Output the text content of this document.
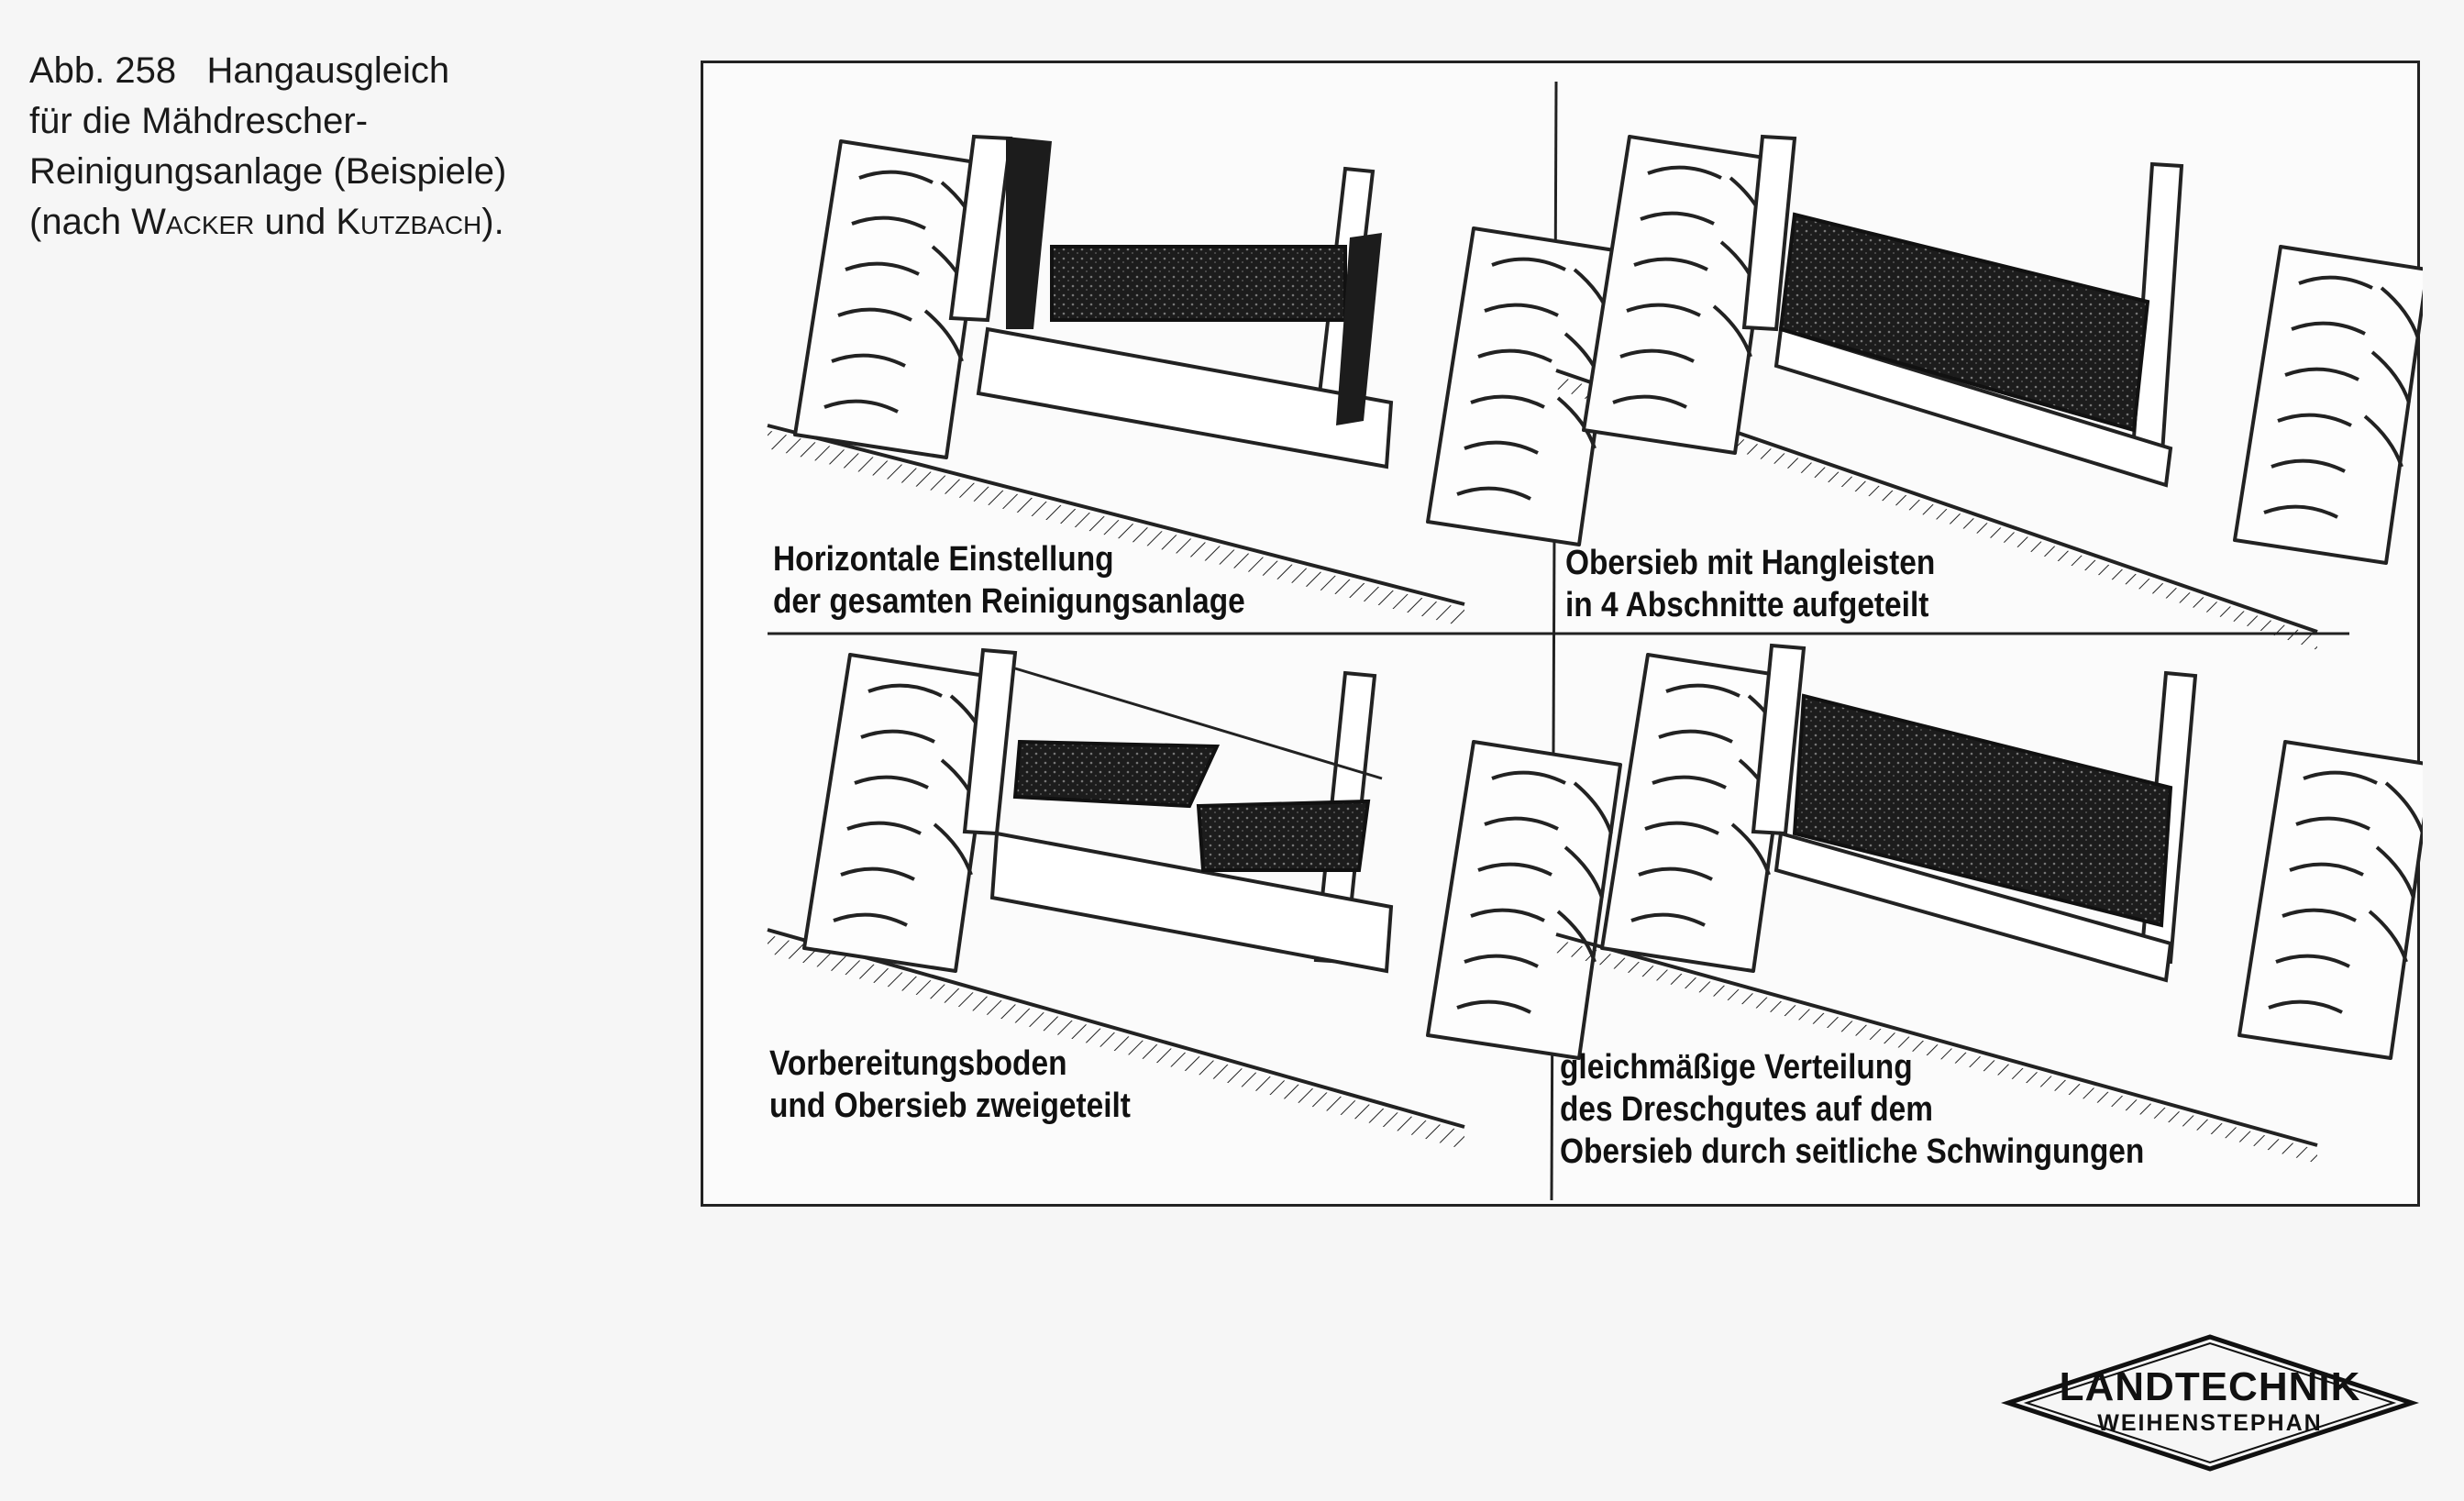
Abb. 258 Hangausgleich
für die Mähdrescher-
Reinigungsanlage (Beispiele)
(nach Wacker und Kutzbach).
Horizontale Einstellung
der gesamten Reinigungsanlage
Obersieb mit Hangleisten
in 4 Abschnitte aufgeteilt
Vorbereitungsboden
und Obersieb zweigeteilt
gleichmäßige Verteilung
des Dreschgutes auf dem
Obersieb durch seitliche Schwingungen
LANDTECHNIK
WEIHENSTEPHAN
